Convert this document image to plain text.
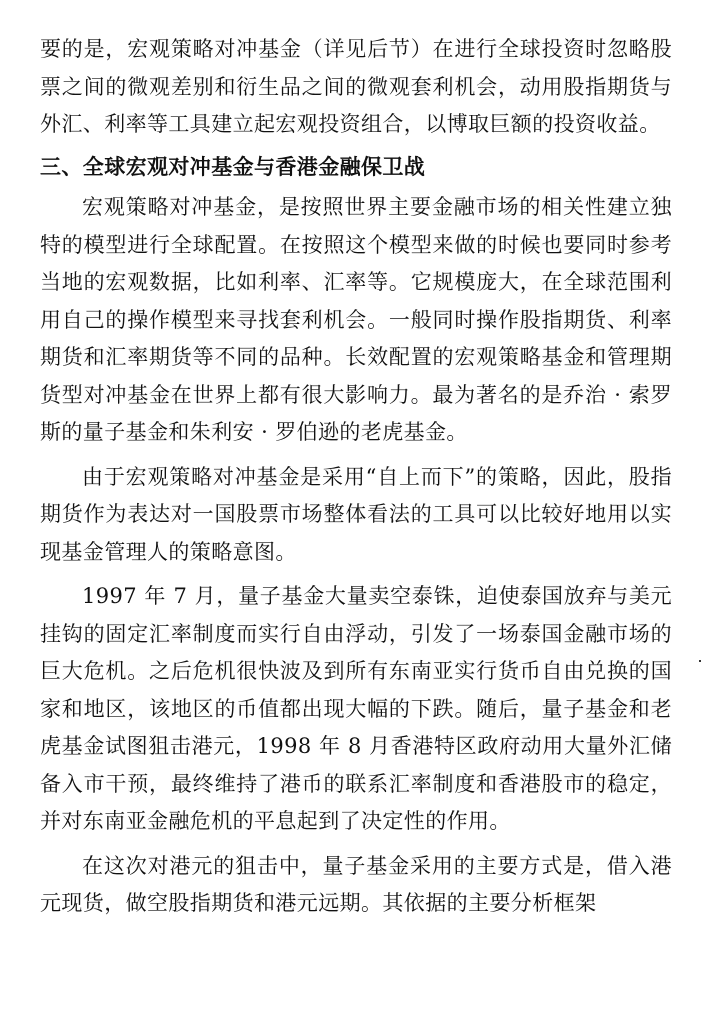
要的是，宏观策略对冲基金（详见后节）在进行全球投资时忽略股票之间的微观差别和衍生品之间的微观套利机会，动用股指期货与外汇、利率等工具建立起宏观投资组合，以博取巨额的投资收益。

三、全球宏观对冲基金与香港金融保卫战

宏观策略对冲基金，是按照世界主要金融市场的相关性建立独特的模型进行全球配置。在按照这个模型来做的时候也要同时参考当地的宏观数据，比如利率、汇率等。它规模庞大，在全球范围利用自己的操作模型来寻找套利机会。一般同时操作股指期货、利率期货和汇率期货等不同的品种。长效配置的宏观策略基金和管理期货型对冲基金在世界上都有很大影响力。最为著名的是乔治 · 索罗斯的量子基金和朱利安 · 罗伯逊的老虎基金。

由于宏观策略对冲基金是采用“自上而下”的策略，因此，股指期货作为表达对一国股票市场整体看法的工具可以比较好地用以实现基金管理人的策略意图。

1997 年 7 月，量子基金大量卖空泰铢，迫使泰国放弃与美元挂钩的固定汇率制度而实行自由浮动，引发了一场泰国金融市场的巨大危机。之后危机很快波及到所有东南亚实行货币自由兑换的国家和地区，该地区的币值都出现大幅的下跌。随后，量子基金和老虎基金试图狙击港元，1998 年 8 月香港特区政府动用大量外汇储备入市干预，最终维持了港币的联系汇率制度和香港股市的稳定，并对东南亚金融危机的平息起到了决定性的作用。

在这次对港元的狙击中，量子基金采用的主要方式是，借入港元现货，做空股指期货和港元远期。其依据的主要分析框架
